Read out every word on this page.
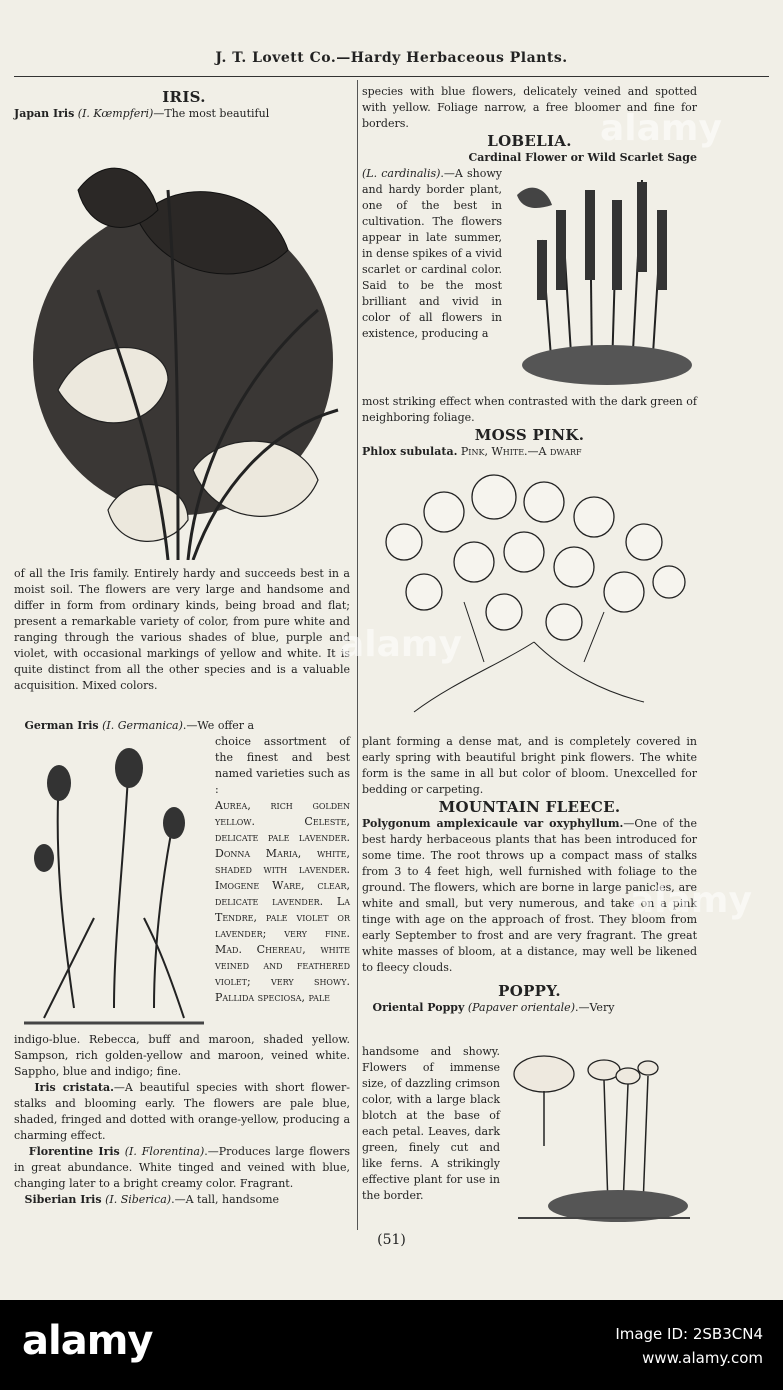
J. T. Lovett Co.—Hardy Herbaceous Plants.
IRIS.

Japan Iris (I. Kœmpferi)—The most beautiful

of all the Iris family. Entirely hardy and succeeds best in a moist soil. The flowers are very large and handsome and differ in form from ordinary kinds, being broad and flat; present a remarkable variety of color, from pure white and ranging through the various shades of blue, purple and violet, with occasional markings of yellow and white. It is quite distinct from all the other species and is a valuable acquisition. Mixed colors.

German Iris (I. Germanica).—We offer a

choice assortment of the finest and best named varieties such as :

Aurea, rich golden yellow. Celeste, delicate pale lavender. Donna Maria, white, shaded with lavender. Imogene Ware, clear, delicate lavender. La Tendre, pale violet or lavender; very fine. Mad. Chereau, white veined and feathered violet; very showy. Pallida speciosa, pale

indigo-blue. Rebecca, buff and maroon, shaded yellow. Sampson, rich golden-yellow and maroon, veined white. Sappho, blue and indigo; fine.

Iris cristata.—A beautiful species with short flower-stalks and blooming early. The flowers are pale blue, shaded, fringed and dotted with orange-yellow, producing a charming effect.

Florentine Iris (I. Florentina).—Produces large flowers in great abundance. White tinged and veined with blue, changing later to a bright creamy color. Fragrant.

Siberian Iris (I. Siberica).—A tall, handsome

species with blue flowers, delicately veined and spotted with yellow. Foliage narrow, a free bloomer and fine for borders.

LOBELIA.

Cardinal Flower or Wild Scarlet Sage

(L. cardinalis).—A showy and hardy border plant, one of the best in cultivation. The flowers appear in late summer, in dense spikes of a vivid scarlet or cardinal color. Said to be the most brilliant and vivid in color of all flowers in existence, producing a

most striking effect when contrasted with the dark green of neighboring foliage.

MOSS PINK.

Phlox subulata. Pink, White.—A dwarf

plant forming a dense mat, and is completely covered in early spring with beautiful bright pink flowers. The white form is the same in all but color of bloom. Unexcelled for bedding or carpeting.

MOUNTAIN FLEECE.

Polygonum amplexicaule var oxyphyllum.—One of the best hardy herbaceous plants that has been introduced for some time. The root throws up a compact mass of stalks from 3 to 4 feet high, well furnished with foliage to the ground. The flowers, which are borne in large panicles, are white and small, but very numerous, and take on a pink tinge with age on the approach of frost. They bloom from early September to frost and are very fragrant. The great white masses of bloom, at a distance, may well be likened to fleecy clouds.

POPPY.

Oriental Poppy (Papaver orientale).—Very

handsome and showy. Flowers of immense size, of dazzling crimson color, with a large black blotch at the base of each petal. Leaves, dark green, finely cut and like ferns. A strikingly effective plant for use in the border.

(51)
alamy
alamy
alamy
alamy	Image ID: 2SB3CN4
www.alamy.com
